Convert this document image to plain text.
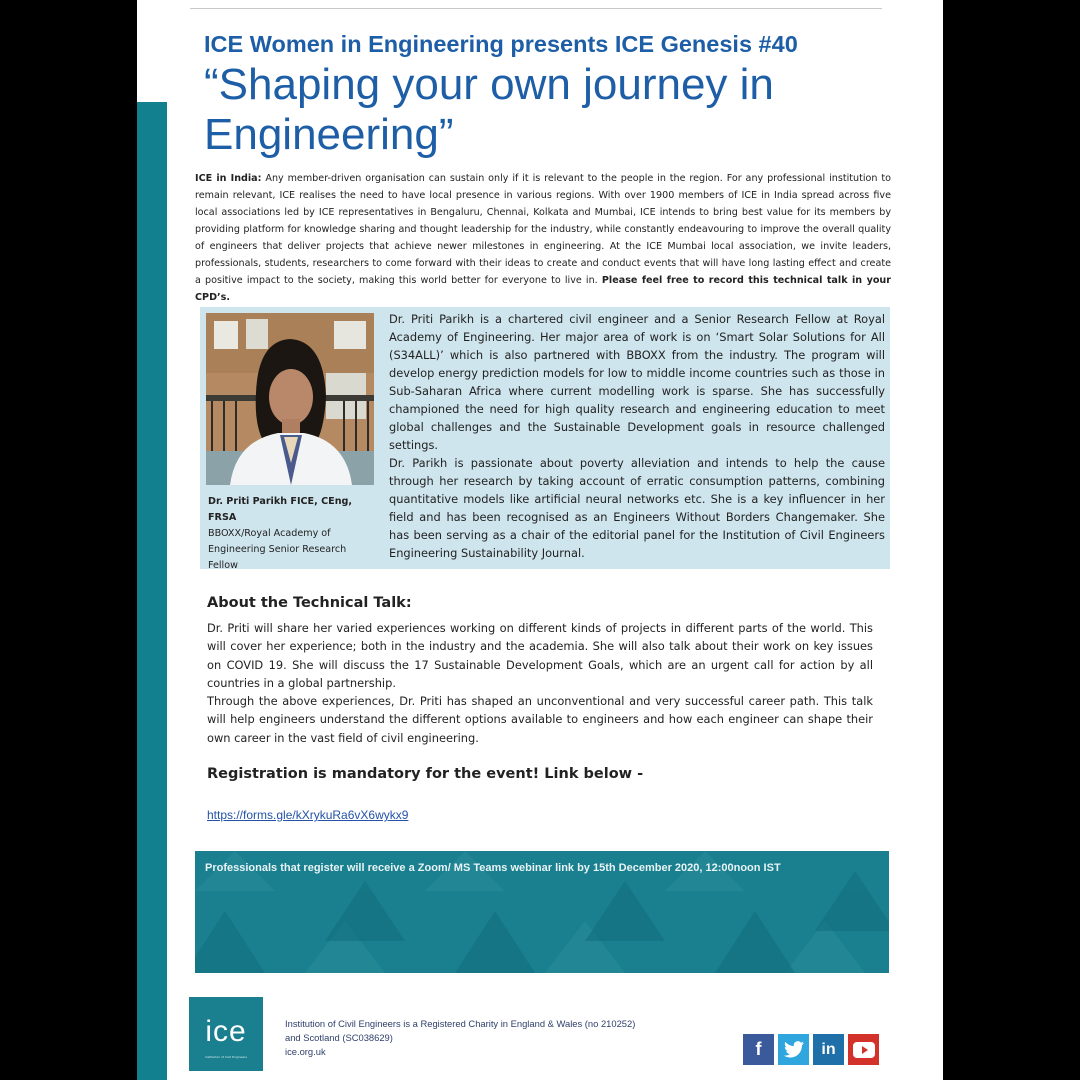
ICE Women in Engineering presents ICE Genesis #40
“Shaping your own journey in
Engineering”

ICE in India: Any member-driven organisation can sustain only if it is relevant to the people in the region. For any professional institution to remain relevant, ICE realises the need to have local presence in various regions. With over 1900 members of ICE in India spread across five local associations led by ICE representatives in Bengaluru, Chennai, Kolkata and Mumbai, ICE intends to bring best value for its members by providing platform for knowledge sharing and thought leadership for the industry, while constantly endeavouring to improve the overall quality of engineers that deliver projects that achieve newer milestones in engineering. At the ICE Mumbai local association, we invite leaders, professionals, students, researchers to come forward with their ideas to create and conduct events that will have long lasting effect and create a positive impact to the society, making this world better for everyone to live in. Please feel free to record this technical talk in your CPD’s.

Dr. Priti Parikh FICE, CEng, FRSA
BBOXX/Royal Academy of Engineering Senior Research Fellow

Dr. Priti Parikh is a chartered civil engineer and a Senior Research Fellow at Royal Academy of Engineering. Her major area of work is on ‘Smart Solar Solutions for All (S34ALL)’ which is also partnered with BBOXX from the industry. The program will develop energy prediction models for low to middle income countries such as those in Sub-Saharan Africa where current modelling work is sparse. She has successfully championed the need for high quality research and engineering education to meet global challenges and the Sustainable Development goals in resource challenged settings.

Dr. Parikh is passionate about poverty alleviation and intends to help the cause through her research by taking account of erratic consumption patterns, combining quantitative models like artificial neural networks etc. She is a key influencer in her field and has been recognised as an Engineers Without Borders Changemaker. She has been serving as a chair of the editorial panel for the Institution of Civil Engineers Engineering Sustainability Journal.

About the Technical Talk:

Dr. Priti will share her varied experiences working on different kinds of projects in different parts of the world. This will cover her experience; both in the industry and the academia. She will also talk about their work on key issues on COVID 19. She will discuss the 17 Sustainable Development Goals, which are an urgent call for action by all countries in a global partnership.

Through the above experiences, Dr. Priti has shaped an unconventional and very successful career path. This talk will help engineers understand the different options available to engineers and how each engineer can shape their own career in the vast field of civil engineering.

Registration is mandatory for the event! Link below -
https://forms.gle/kXrykuRa6vX6wykx9
Professionals that register will receive a Zoom/ MS Teams webinar link by 15th December 2020, 12:00noon IST
ice
Institution of Civil Engineers
Institution of Civil Engineers is a Registered Charity in England & Wales (no 210252)
and Scotland (SC038629)
ice.org.uk	f	in
